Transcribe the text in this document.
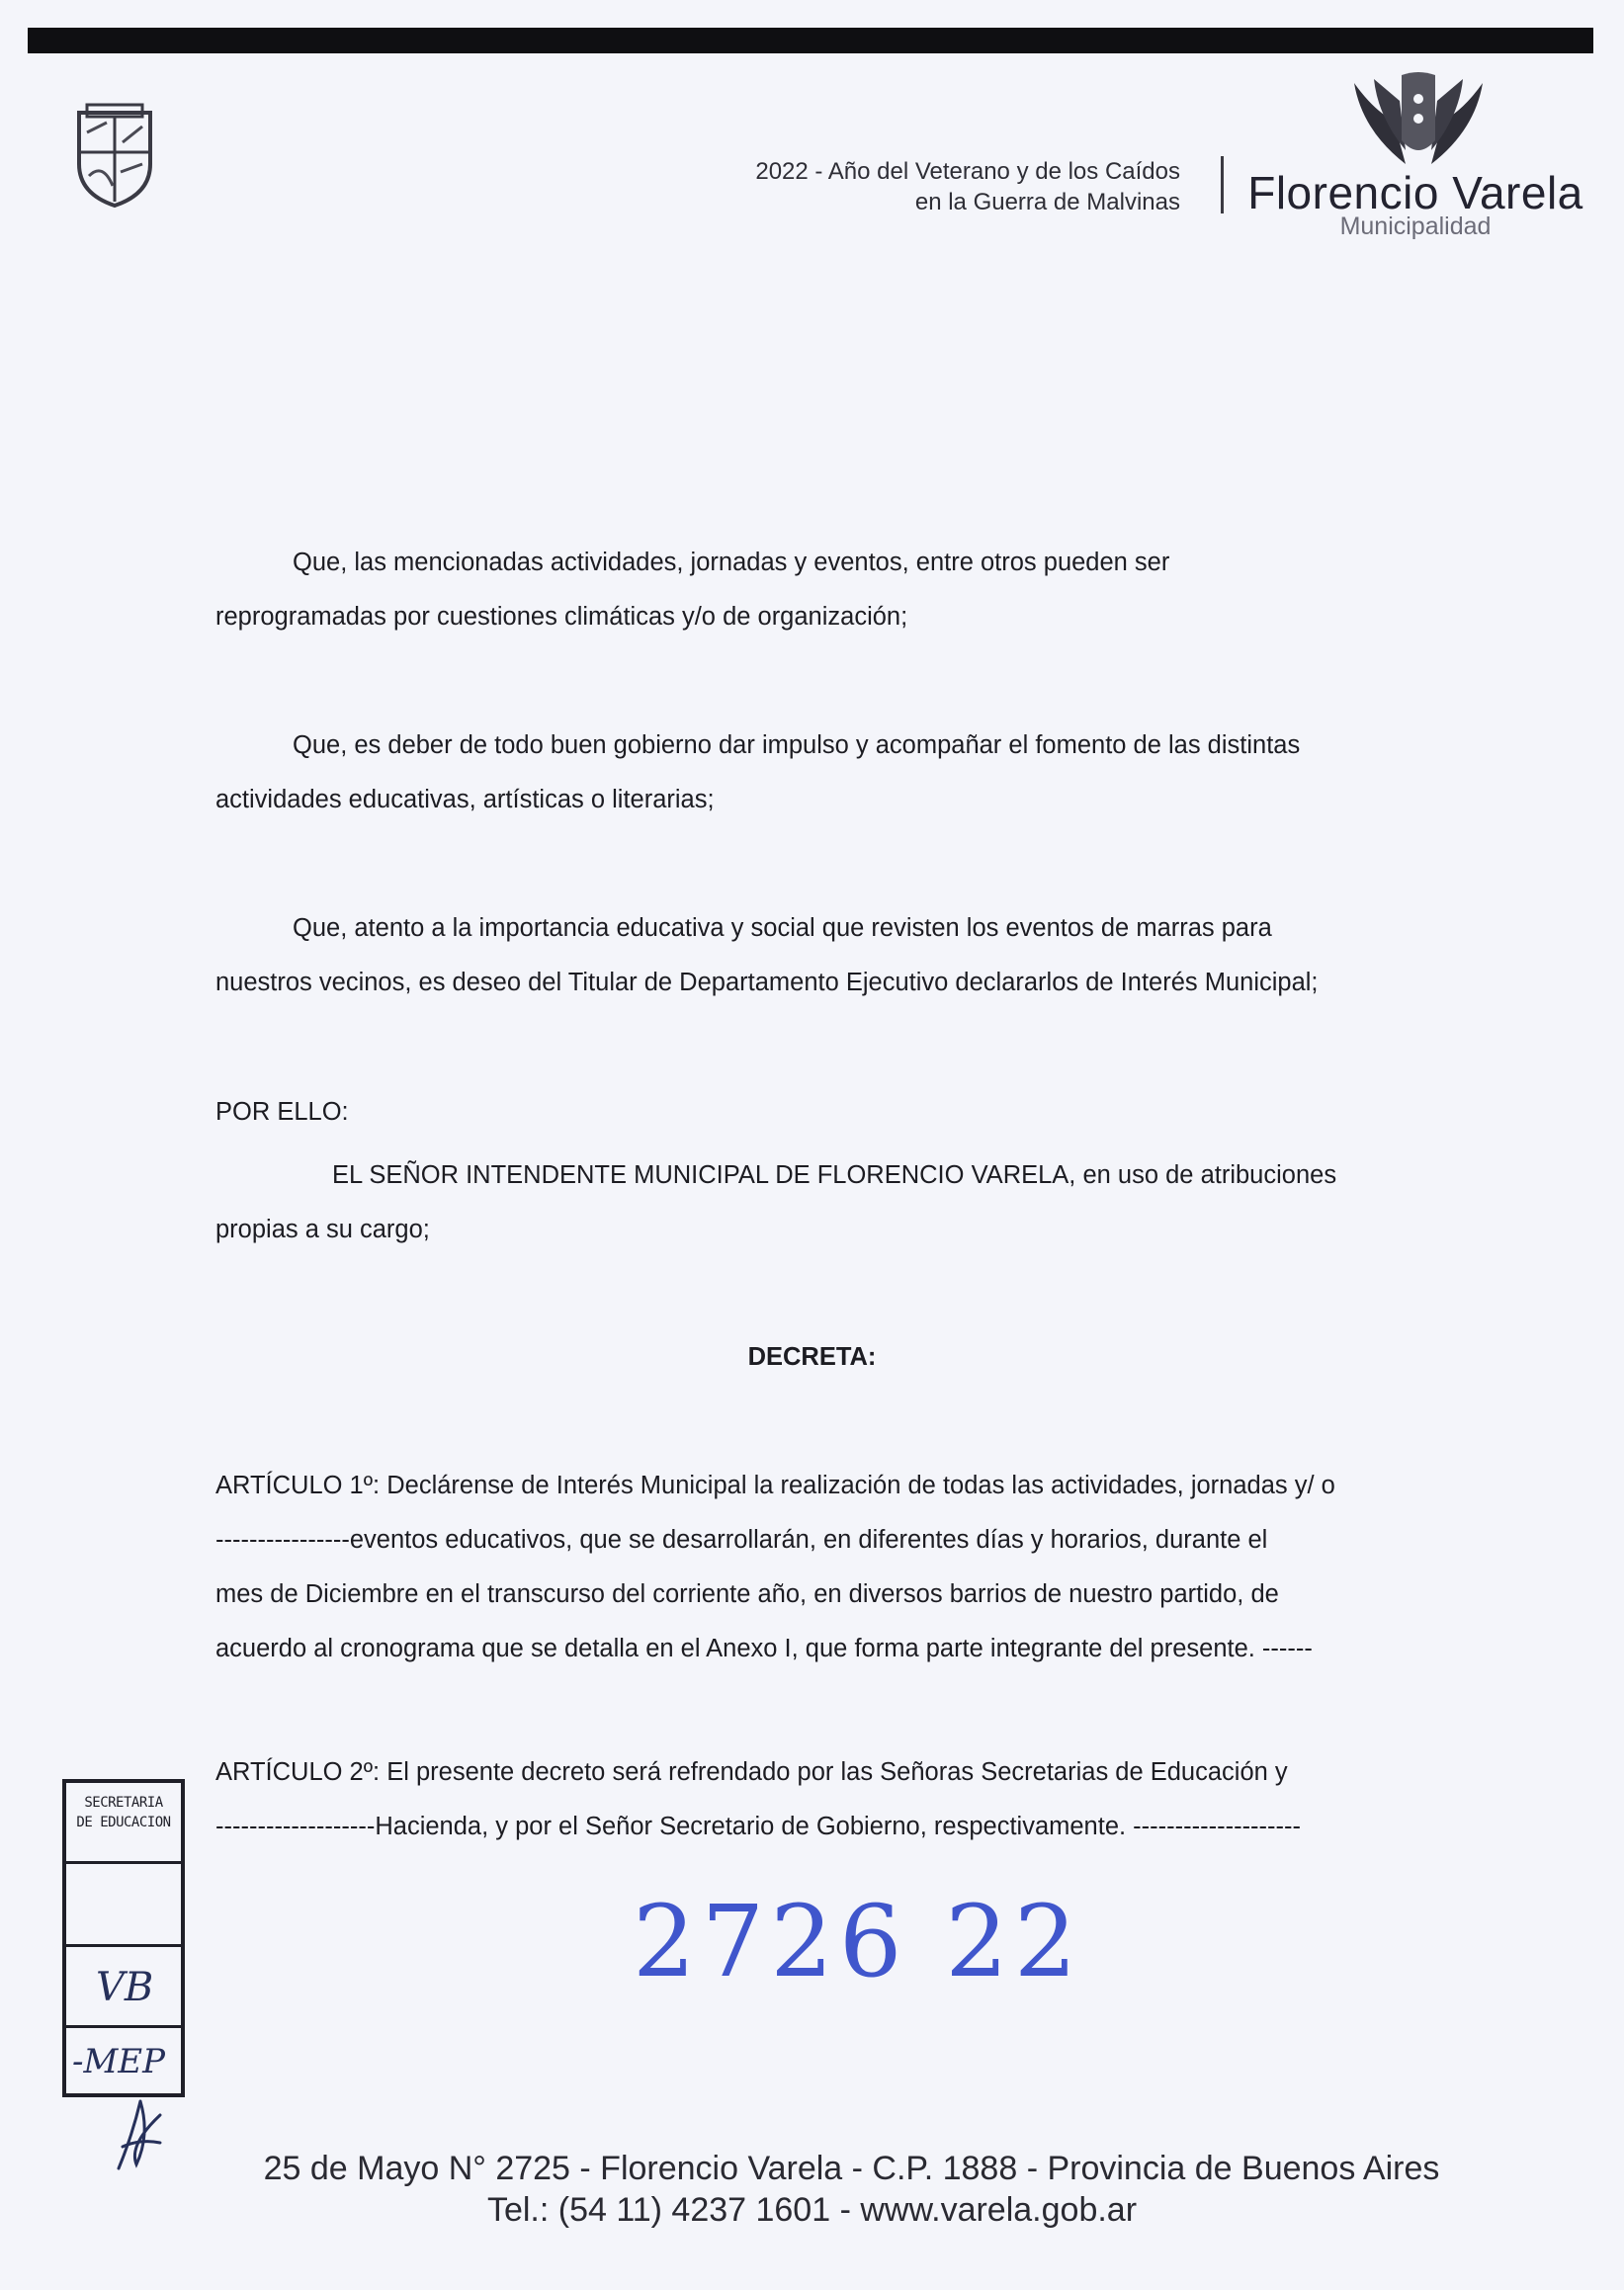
2022 - Año del Veterano y de los Caídos
en la Guerra de Malvinas Florencio Varela
Municipalidad
Que, las mencionadas actividades, jornadas y eventos, entre otros pueden ser
reprogramadas por cuestiones climáticas y/o de organización;
Que, es deber de todo buen gobierno dar impulso y acompañar el fomento de las distintas
actividades educativas, artísticas o literarias;
Que, atento a la importancia educativa y social que revisten los eventos de marras para
nuestros vecinos, es deseo del Titular de Departamento Ejecutivo declararlos de Interés Municipal;
POR ELLO:
EL SEÑOR INTENDENTE MUNICIPAL DE FLORENCIO VARELA, en uso de atribuciones
propias a su cargo;
DECRETA:
ARTÍCULO 1º: Declárense de Interés Municipal la realización de todas las actividades, jornadas y/ o
----------------eventos educativos, que se desarrollarán, en diferentes días y horarios, durante el
mes de Diciembre en el transcurso del corriente año, en diversos barrios de nuestro partido, de
acuerdo al cronograma que se detalla en el Anexo I, que forma parte integrante del presente. ------
ARTÍCULO 2º: El presente decreto será refrendado por las Señoras Secretarias de Educación y
-------------------Hacienda, y por el Señor Secretario de Gobierno, respectivamente. --------------------
SECRETARIA
DE EDUCACION
VB
-MEP
2726 22
25 de Mayo N° 2725 - Florencio Varela - C.P. 1888 - Provincia de Buenos Aires
Tel.: (54 11) 4237 1601 - www.varela.gob.ar
